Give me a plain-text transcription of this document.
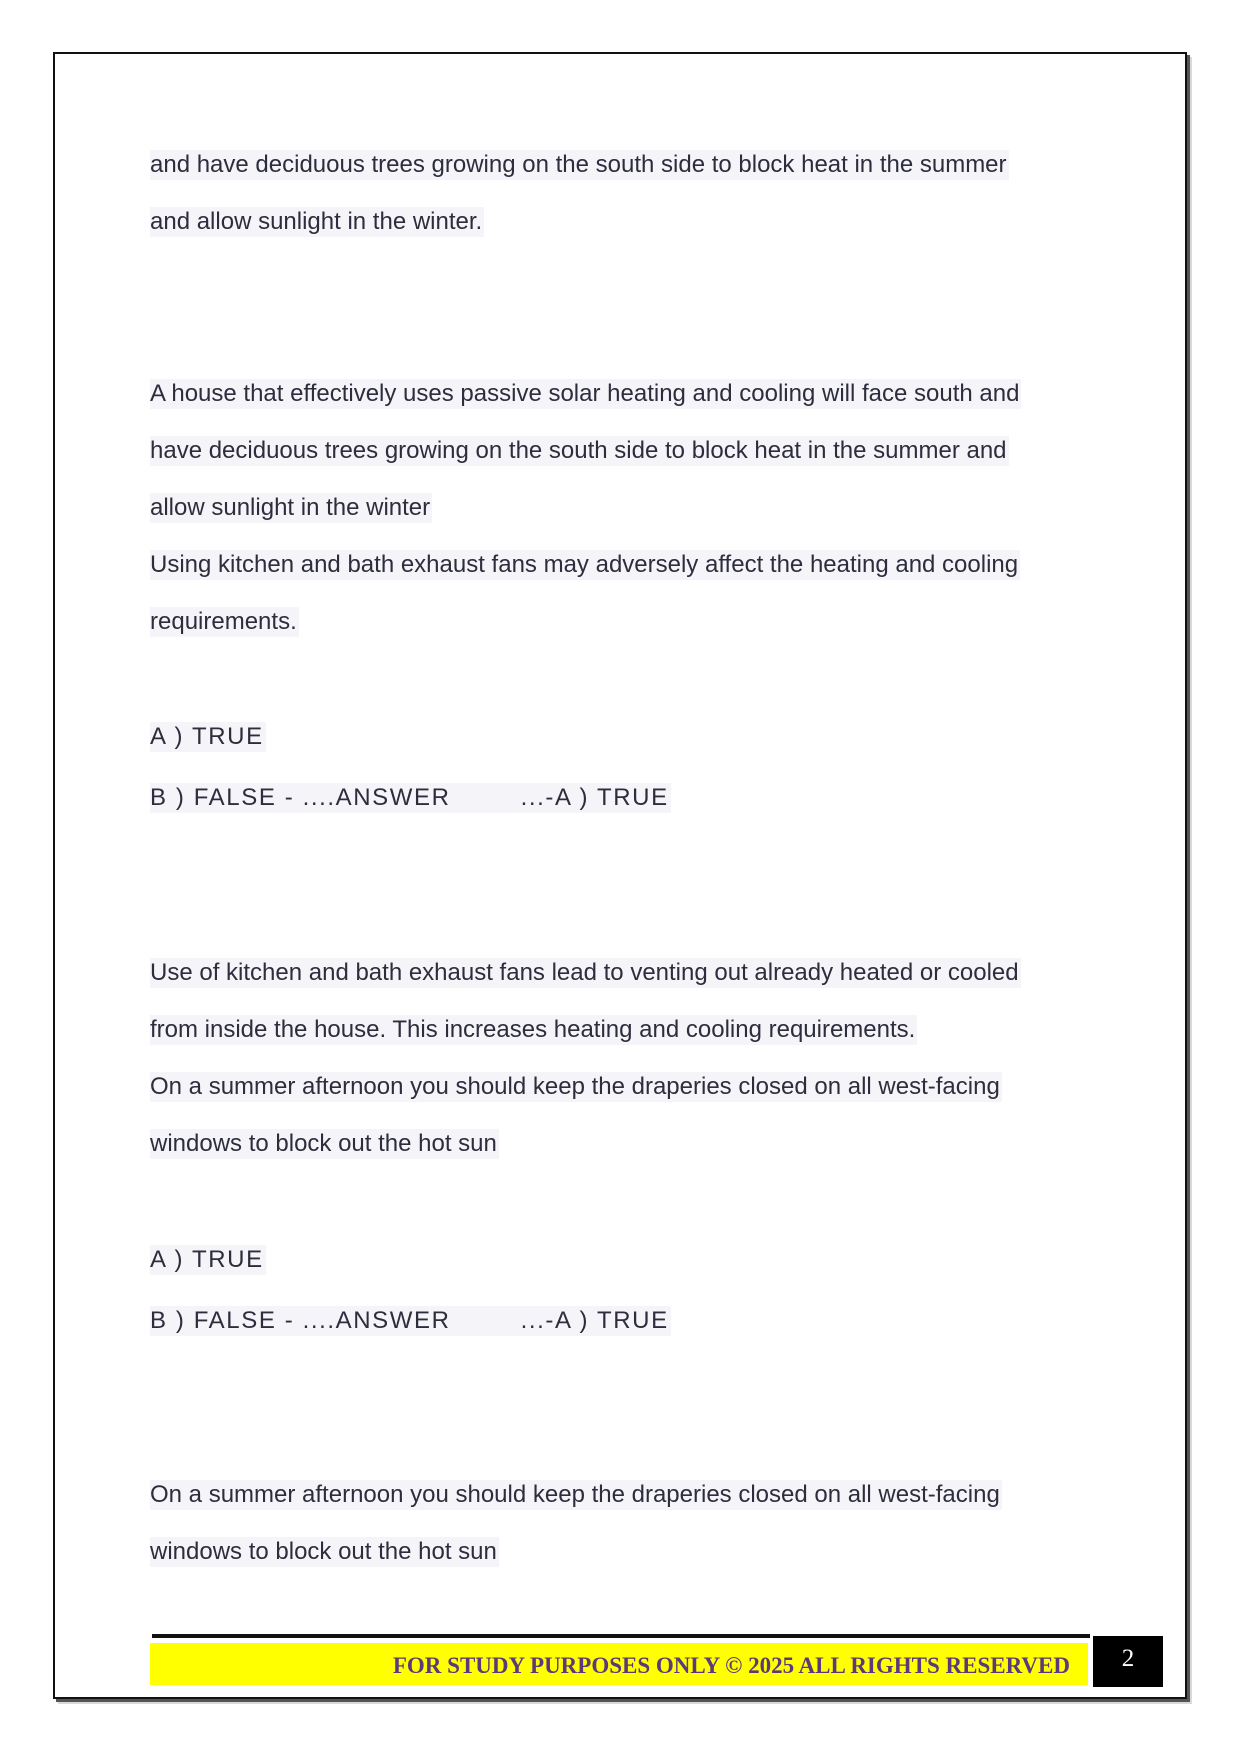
and have deciduous trees growing on the south side to block heat in the summer
and allow sunlight in the winter.
A house that effectively uses passive solar heating and cooling will face south and
have deciduous trees growing on the south side to block heat in the summer and
allow sunlight in the winter
Using kitchen and bath exhaust fans may adversely affect the heating and cooling
requirements.
A ) TRUE
B ) FALSE - ....ANSWER	...-A ) TRUE
Use of kitchen and bath exhaust fans lead to venting out already heated or cooled
from inside the house. This increases heating and cooling requirements.
On a summer afternoon you should keep the draperies closed on all west-facing
windows to block out the hot sun
A ) TRUE
B ) FALSE - ....ANSWER	...-A ) TRUE
On a summer afternoon you should keep the draperies closed on all west-facing
windows to block out the hot sun
FOR STUDY PURPOSES ONLY © 2025 ALL RIGHTS RESERVED	2
